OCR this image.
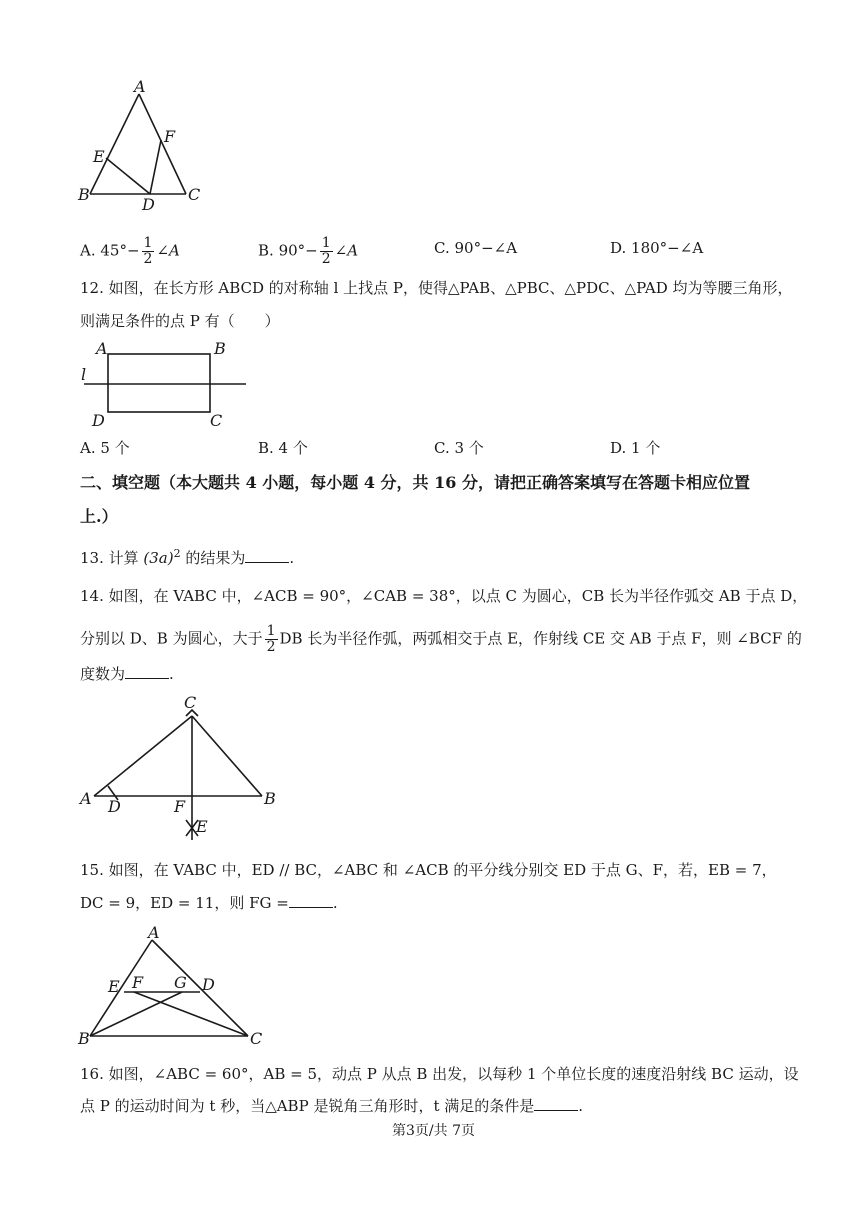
A
E
F
B
D
C
A. $45^\circ- \frac{1}{2}$ ∠A	B. $90^\circ- \frac{1}{2}$ ∠A	C. 90°−∠A	D. 180°−∠A
12. 如图，在长方形 ABCD 的对称轴 l 上找点 P，使得△PAB、△PBC、△PDC、△PAD 均为等腰三角形，
则满足条件的点 P 有（　　）
A	B
l
D	C
A. 5 个	B. 4 个	C. 3 个	D. 1 个
二、填空题（本大题共 4 小题，每小题 4 分，共 16 分，请把正确答案填写在答题卡相应位置
上.）
13. 计算 $(3a)^2$ 的结果为	.
14. 如图，在 VABC 中，∠ACB = 90°，∠CAB = 38°，以点 C 为圆心，CB 长为半径作弧交 AB 于点 D，
分别以 D、B 为圆心，大于 $\frac{1}{2}$ DB 长为半径作弧，两弧相交于点 E，作射线 CE 交 AB 于点 F，则 ∠BCF 的
度数为	.
C
A D	F	B
E
15. 如图，在 VABC 中，ED // BC，∠ABC 和 ∠ACB 的平分线分别交 ED 于点 G、F，若，EB = 7，
DC = 9，ED = 11，则 FG =	.
A
E F G D
B	C
16. 如图，∠ABC = 60°，AB = 5，动点 P 从点 B 出发，以每秒 1 个单位长度的速度沿射线 BC 运动，设
点 P 的运动时间为 t 秒，当△ABP 是锐角三角形时，t 满足的条件是	.
第3页/共 7页
